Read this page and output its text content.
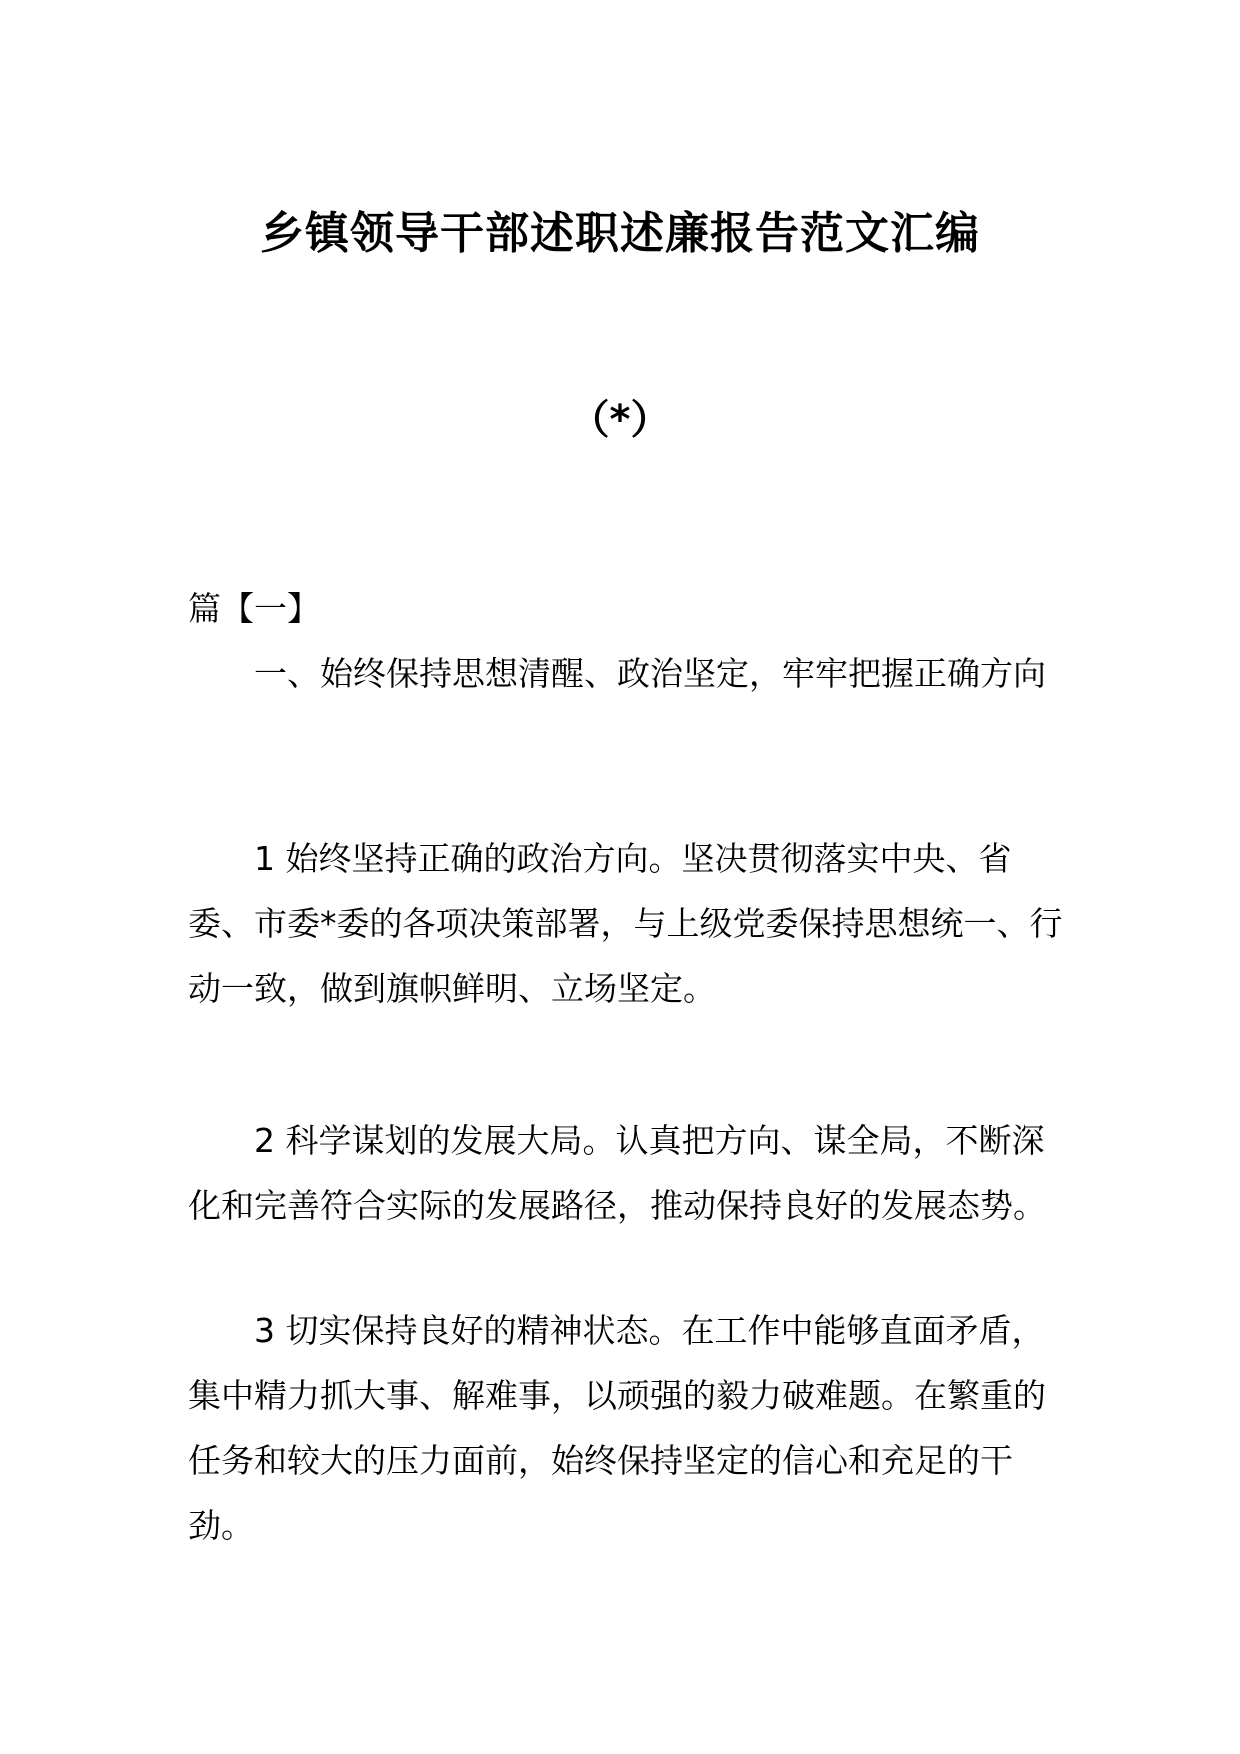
乡镇领导干部述职述廉报告范文汇编
（*）
篇【一】
一、始终保持思想清醒、政治坚定，牢牢把握正确方向
1 始终坚持正确的政治方向。坚决贯彻落实中央、省委、市委*委的各项决策部署，与上级党委保持思想统一、行动一致，做到旗帜鲜明、立场坚定。
2 科学谋划的发展大局。认真把方向、谋全局，不断深化和完善符合实际的发展路径，推动保持良好的发展态势。
3 切实保持良好的精神状态。在工作中能够直面矛盾，集中精力抓大事、解难事，以顽强的毅力破难题。在繁重的任务和较大的压力面前，始终保持坚定的信心和充足的干劲。
